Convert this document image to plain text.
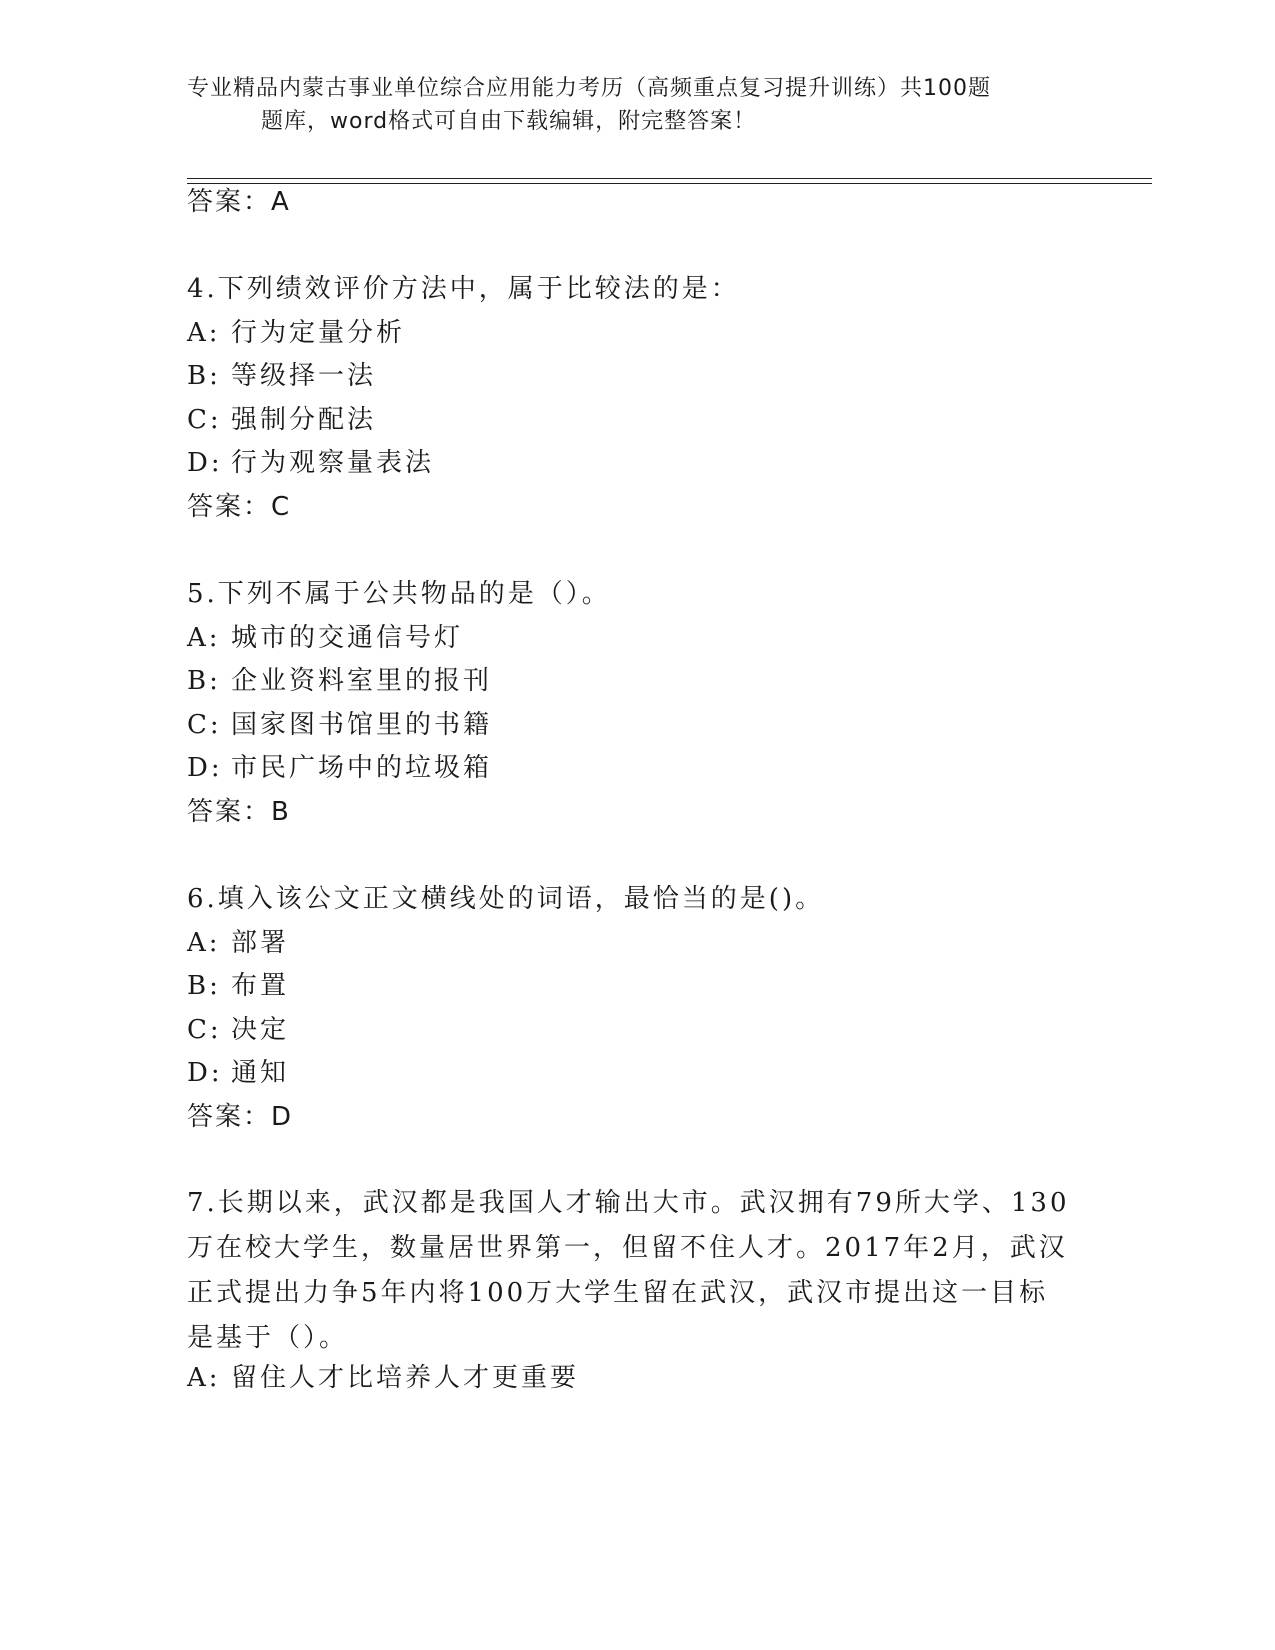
专业精品内蒙古事业单位综合应用能力考历（高频重点复习提升训练）共100题
题库，word格式可自由下载编辑，附完整答案！
答案：A
4.下列绩效评价方法中，属于比较法的是：
A: 行为定量分析
B: 等级择一法
C: 强制分配法
D: 行为观察量表法
答案：C
5.下列不属于公共物品的是（）。
A: 城市的交通信号灯
B: 企业资料室里的报刊
C: 国家图书馆里的书籍
D: 市民广场中的垃圾箱
答案：B
6.填入该公文正文横线处的词语，最恰当的是()。
A: 部署
B: 布置
C: 决定
D: 通知
答案：D
7.长期以来，武汉都是我国人才输出大市。武汉拥有79所大学、130
万在校大学生，数量居世界第一，但留不住人才。2017年2月，武汉
正式提出力争5年内将100万大学生留在武汉，武汉市提出这一目标
是基于（）。
A: 留住人才比培养人才更重要
